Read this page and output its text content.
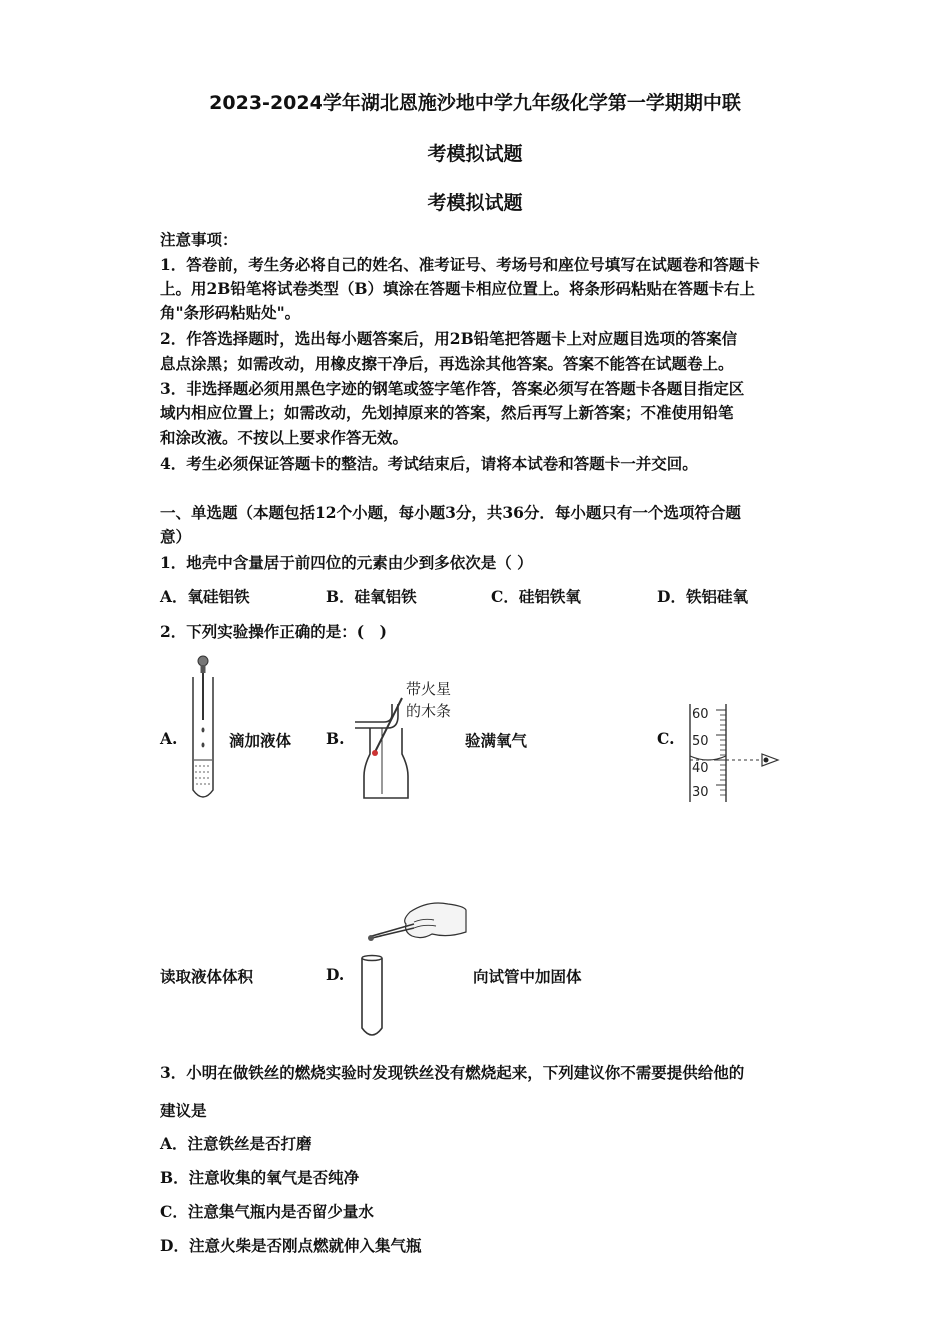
2023-2024学年湖北恩施沙地中学九年级化学第一学期期中联
考模拟试题
考模拟试题
注意事项：
1．答卷前，考生务必将自己的姓名、准考证号、考场号和座位号填写在试题卷和答题卡
上。用2B铅笔将试卷类型（B）填涂在答题卡相应位置上。将条形码粘贴在答题卡右上
角"条形码粘贴处"。
2．作答选择题时，选出每小题答案后，用2B铅笔把答题卡上对应题目选项的答案信
息点涂黑；如需改动，用橡皮擦干净后，再选涂其他答案。答案不能答在试题卷上。
3．非选择题必须用黑色字迹的钢笔或签字笔作答，答案必须写在答题卡各题目指定区
域内相应位置上；如需改动，先划掉原来的答案，然后再写上新答案；不准使用铅笔
和涂改液。不按以上要求作答无效。
4．考生必须保证答题卡的整洁。考试结束后，请将本试卷和答题卡一并交回。
一、单选题（本题包括12个小题，每小题3分，共36分．每小题只有一个选项符合题
意）
1．地壳中含量居于前四位的元素由少到多依次是（ ）
A．氧硅铝铁	B．硅氧铝铁	C．硅铝铁氧	D．铁铝硅氧
2．下列实验操作正确的是：(　)
A.	滴加液体 B.
带火星
的木条
验满氧气	C.
60
50
40
30
读取液体体积	D.	向试管中加固体
3．小明在做铁丝的燃烧实验时发现铁丝没有燃烧起来，下列建议你不需要提供给他的
建议是
A．注意铁丝是否打磨
B．注意收集的氧气是否纯净
C．注意集气瓶内是否留少量水
D．注意火柴是否刚点燃就伸入集气瓶
